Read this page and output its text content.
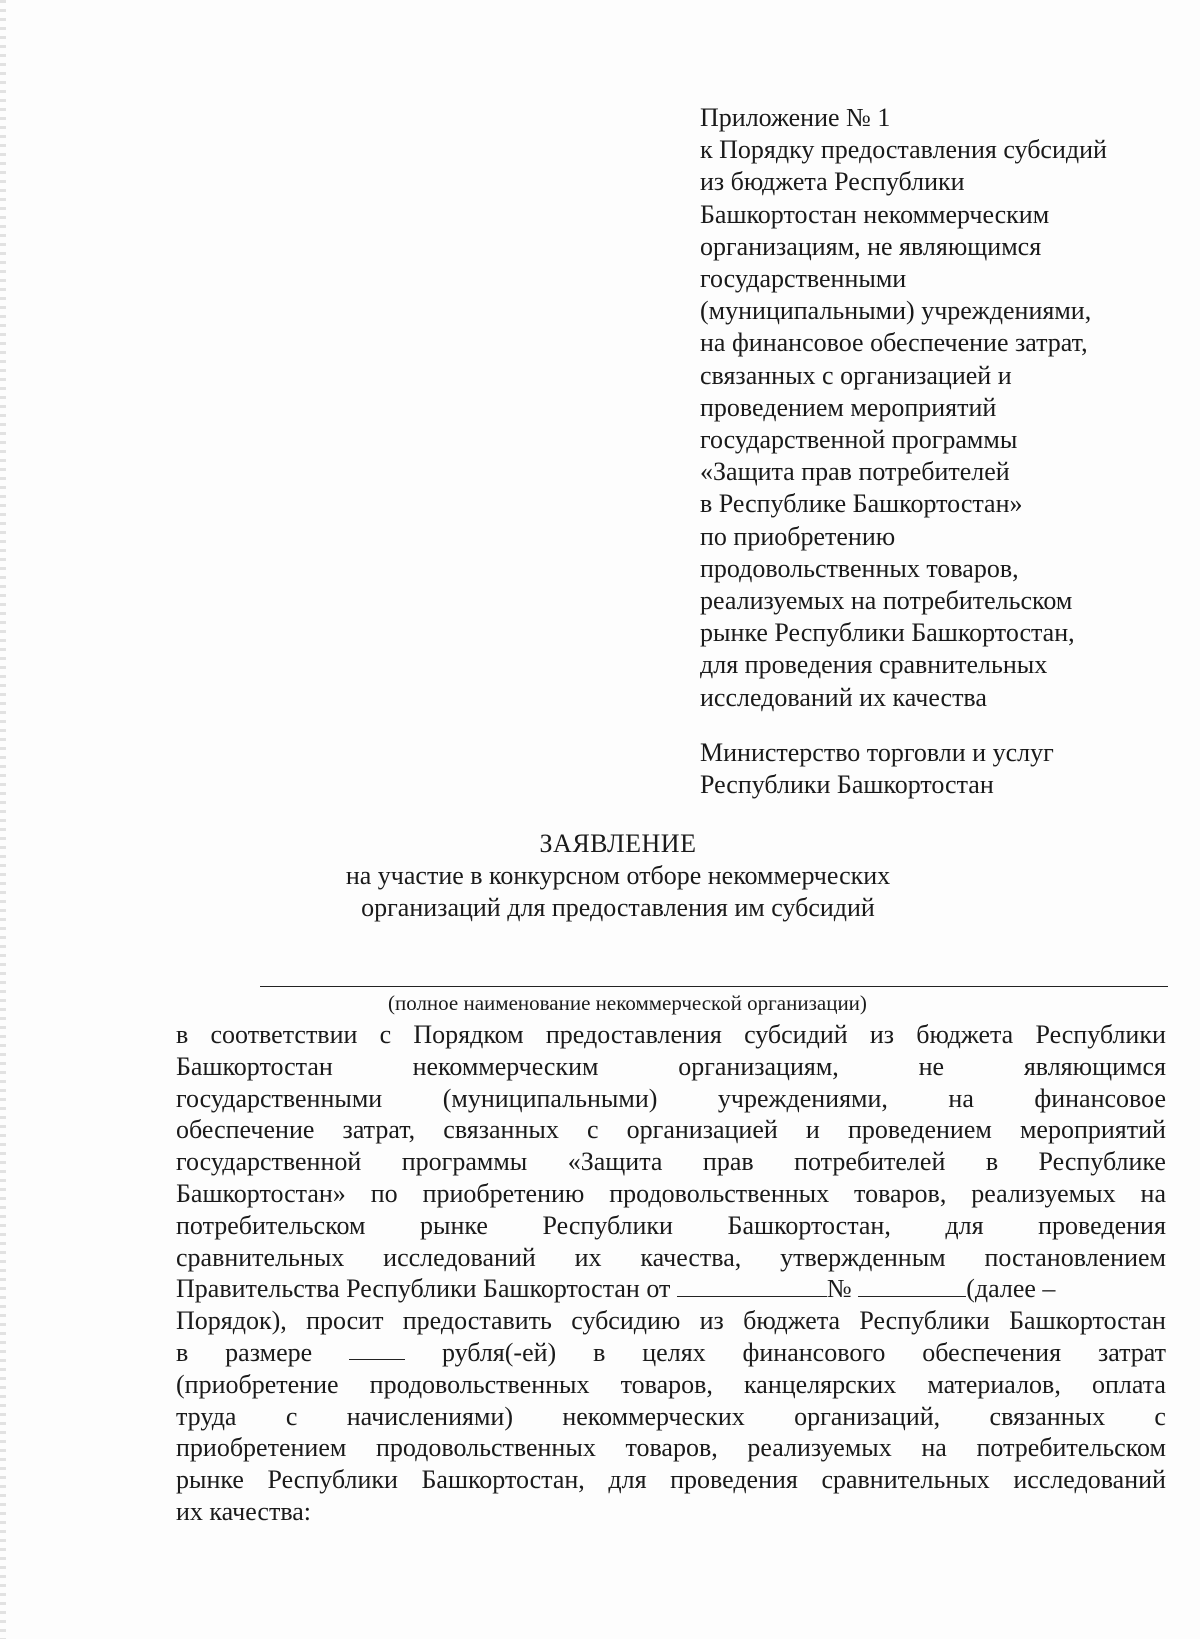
Приложение № 1
к Порядку предоставления субсидий
из бюджета Республики
Башкортостан некоммерческим
организациям, не являющимся
государственными
(муниципальными) учреждениями,
на финансовое обеспечение затрат,
связанных с организацией и
проведением мероприятий
государственной программы
«Защита прав потребителей
в Республике Башкортостан»
по приобретению
продовольственных товаров,
реализуемых на потребительском
рынке Республики Башкортостан,
для проведения сравнительных
исследований их качества
Министерство торговли и услуг
Республики Башкортостан
ЗАЯВЛЕНИЕ
на участие в конкурсном отборе некоммерческих
организаций для предоставления им субсидий
(полное наименование некоммерческой организации)
в соответствии с Порядком предоставления субсидий из бюджета Республики
Башкортостан	некоммерческим	организациям,	не	являющимся
государственными (муниципальными) учреждениями, на финансовое
обеспечение затрат, связанных с организацией и проведением мероприятий
государственной программы «Защита прав потребителей в Республике
Башкортостан» по приобретению продовольственных товаров, реализуемых на
потребительском рынке Республики Башкортостан, для проведения
сравнительных исследований их качества, утвержденным постановлением
Правительства Республики Башкортостан от	№	(далее –
Порядок), просит предоставить субсидию из бюджета Республики Башкортостан
в размере	рубля(-ей) в целях финансового обеспечения затрат
(приобретение продовольственных товаров, канцелярских материалов, оплата
труда с начислениями) некоммерческих организаций, связанных с
приобретением продовольственных товаров, реализуемых на потребительском
рынке Республики Башкортостан, для проведения сравнительных исследований
их качества:
